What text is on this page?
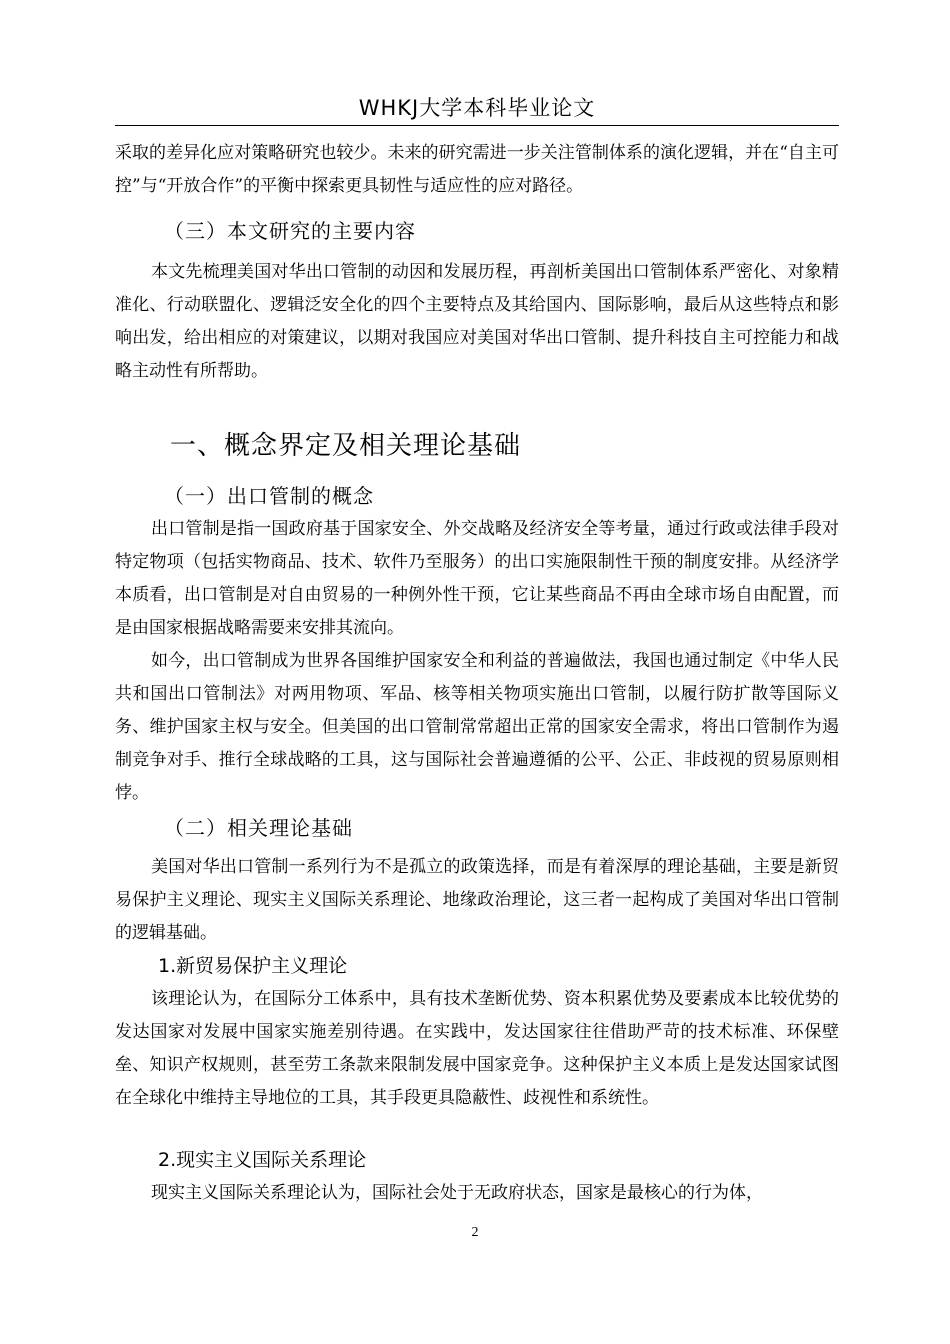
WHKJ大学本科毕业论文
采取的差异化应对策略研究也较少。未来的研究需进一步关注管制体系的演化逻辑，并在“自主可控”与“开放合作”的平衡中探索更具韧性与适应性的应对路径。
（三）本文研究的主要内容
本文先梳理美国对华出口管制的动因和发展历程，再剖析美国出口管制体系严密化、对象精准化、行动联盟化、逻辑泛安全化的四个主要特点及其给国内、国际影响，最后从这些特点和影响出发，给出相应的对策建议，以期对我国应对美国对华出口管制、提升科技自主可控能力和战略主动性有所帮助。
一、概念界定及相关理论基础
（一）出口管制的概念
出口管制是指一国政府基于国家安全、外交战略及经济安全等考量，通过行政或法律手段对特定物项（包括实物商品、技术、软件乃至服务）的出口实施限制性干预的制度安排。从经济学本质看，出口管制是对自由贸易的一种例外性干预，它让某些商品不再由全球市场自由配置，而是由国家根据战略需要来安排其流向。
如今，出口管制成为世界各国维护国家安全和利益的普遍做法，我国也通过制定《中华人民共和国出口管制法》对两用物项、军品、核等相关物项实施出口管制，以履行防扩散等国际义务、维护国家主权与安全。但美国的出口管制常常超出正常的国家安全需求，将出口管制作为遏制竞争对手、推行全球战略的工具，这与国际社会普遍遵循的公平、公正、非歧视的贸易原则相悖。
（二）相关理论基础
美国对华出口管制一系列行为不是孤立的政策选择，而是有着深厚的理论基础，主要是新贸易保护主义理论、现实主义国际关系理论、地缘政治理论，这三者一起构成了美国对华出口管制的逻辑基础。
1.新贸易保护主义理论
该理论认为，在国际分工体系中，具有技术垄断优势、资本积累优势及要素成本比较优势的发达国家对发展中国家实施差别待遇。在实践中，发达国家往往借助严苛的技术标准、环保壁垒、知识产权规则，甚至劳工条款来限制发展中国家竞争。这种保护主义本质上是发达国家试图在全球化中维持主导地位的工具，其手段更具隐蔽性、歧视性和系统性。
2.现实主义国际关系理论
现实主义国际关系理论认为，国际社会处于无政府状态，国家是最核心的行为体，
2
